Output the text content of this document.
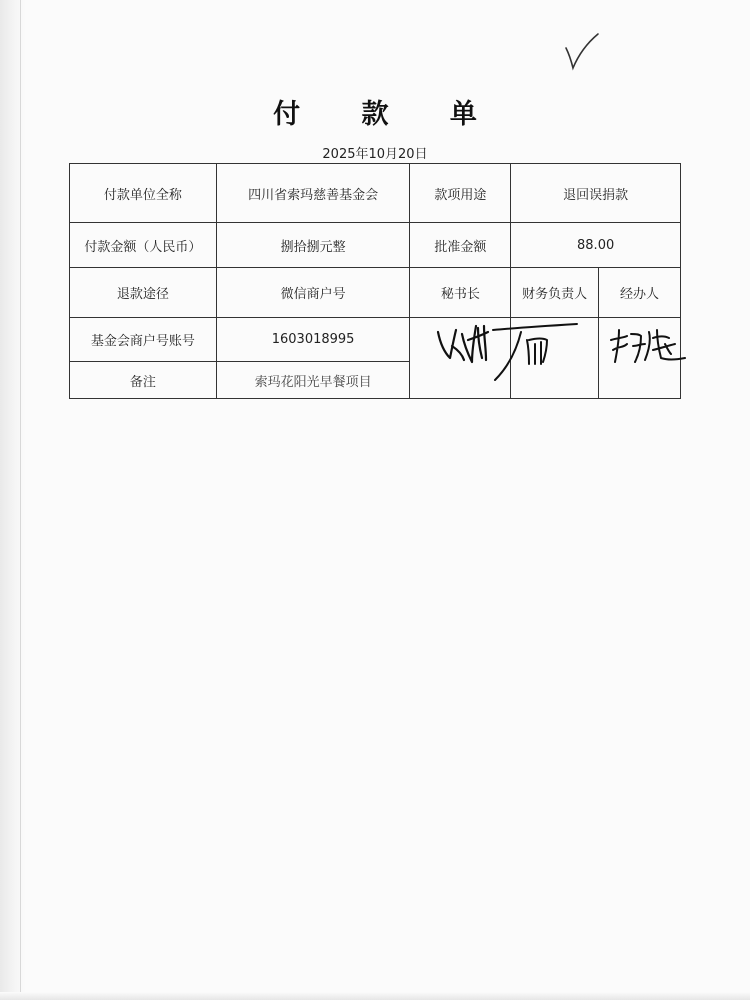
付 款 单
2025年10月20日
付款单位全称	四川省索玛慈善基金会	款项用途	退回误捐款	
付款金额（人民币）	捌拾捌元整	批准金额	88.00	
退款途径	微信商户号	秘书长	财务负责人	经办人
基金会商户号账号	1603018995	

备注	索玛花阳光早餐项目			
